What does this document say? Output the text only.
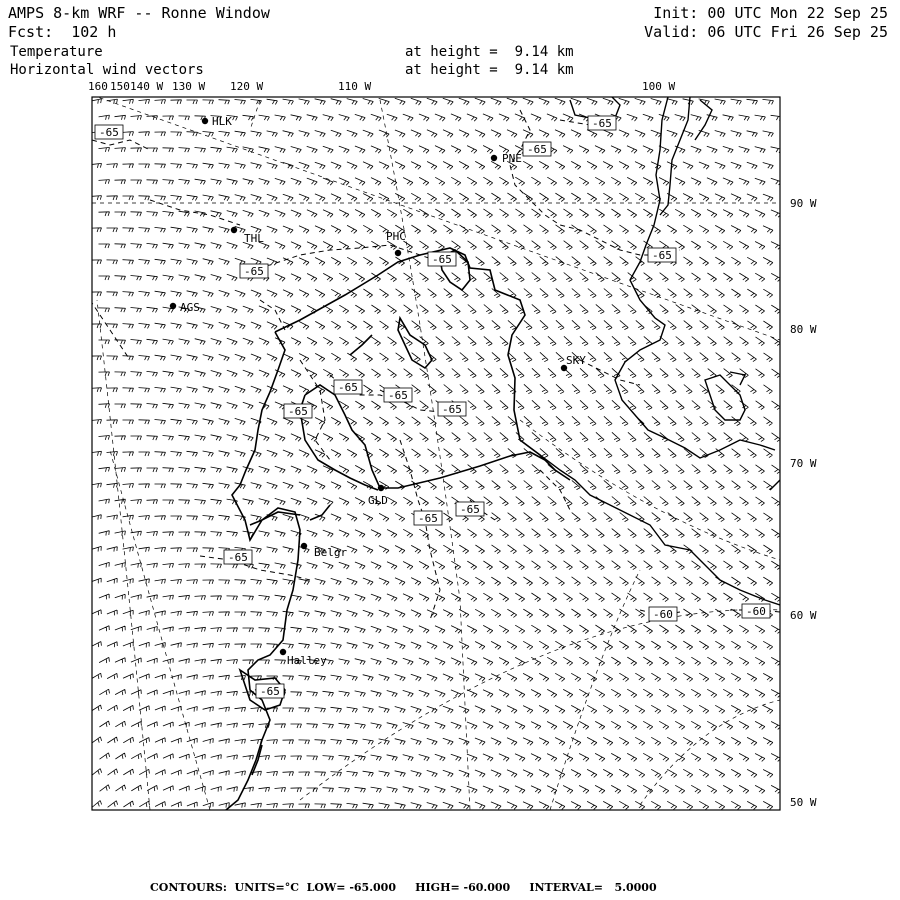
AMPS 8-km WRF -- Ronne Window
Fcst:  102 h
Init: 00 UTC Mon 22 Sep 25
Valid: 06 UTC Fri 26 Sep 25
Temperature
Horizontal wind vectors
at height =  9.14 km
at height =  9.14 km
160 150 140 W 130 W 120 W	110 W	100 W
90 W
80 W
70 W
60 W
50 W
HLK
THL	PHC
PNE
AGS
SKY
GLD
Belgr
Halley
-65
-65
-65
-65
-65
-65
-65
-65	-65
-65
-65
-65
-65
-60	-60
-65
CONTOURS:  UNITS=°C  LOW= -65.000     HIGH= -60.000     INTERVAL=   5.0000
